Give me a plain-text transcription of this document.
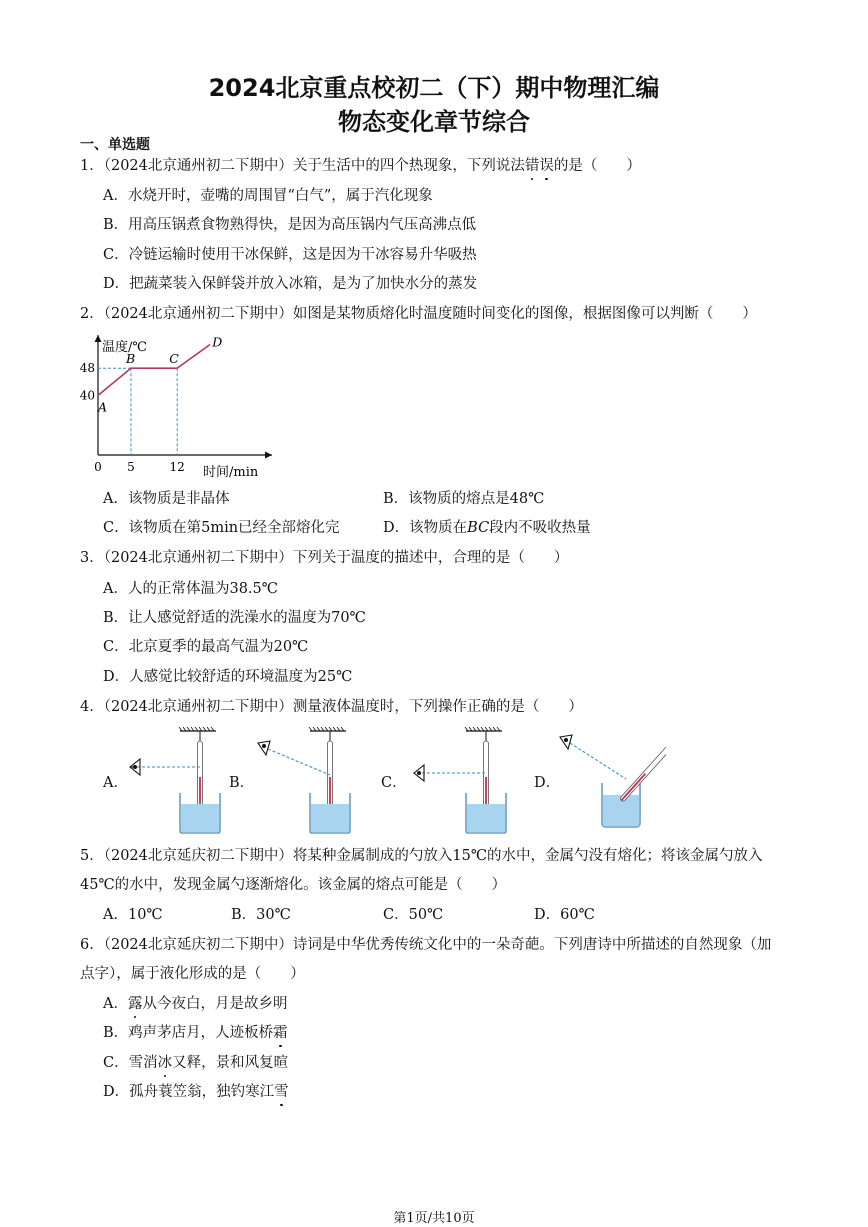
2024北京重点校初二（下）期中物理汇编
物态变化章节综合
一、单选题
1．（2024北京通州初二下期中）关于生活中的四个热现象，下列说法错误的是（　　）
A．水烧开时，壶嘴的周围冒“白气”，属于汽化现象
B．用高压锅煮食物熟得快，是因为高压锅内气压高沸点低
C．冷链运输时使用干冰保鲜，这是因为干冰容易升华吸热
D．把蔬菜装入保鲜袋并放入冰箱，是为了加快水分的蒸发
2．（2024北京通州初二下期中）如图是某物质熔化时温度随时间变化的图像，根据图像可以判断（　　）
温度/℃
时间/min
0 5	12
40
48
A
B	C
D
A．该物质是非晶体	B．该物质的熔点是48℃
C．该物质在第5min已经全部熔化完	D．该物质在BC段内不吸收热量
3．（2024北京通州初二下期中）下列关于温度的描述中，合理的是（　　）
A．人的正常体温为38.5℃
B．让人感觉舒适的洗澡水的温度为70℃
C．北京夏季的最高气温为20℃
D．人感觉比较舒适的环境温度为25℃
4．（2024北京通州初二下期中）测量液体温度时，下列操作正确的是（　　）
A．	B．	C．	D．
5．（2024北京延庆初二下期中）将某种金属制成的勺放入15℃的水中，金属勺没有熔化；将该金属勺放入
45℃的水中，发现金属勺逐渐熔化。该金属的熔点可能是（　　）
A．10℃	B．30℃	C．50℃	D．60℃
6．（2024北京延庆初二下期中）诗词是中华优秀传统文化中的一朵奇葩。下列唐诗中所描述的自然现象（加
点字），属于液化形成的是（　　）
A．露从今夜白，月是故乡明
B．鸡声茅店月，人迹板桥霜
C．雪消冰又释，景和风复暄
D．孤舟蓑笠翁，独钓寒江雪
第1页/共10页
